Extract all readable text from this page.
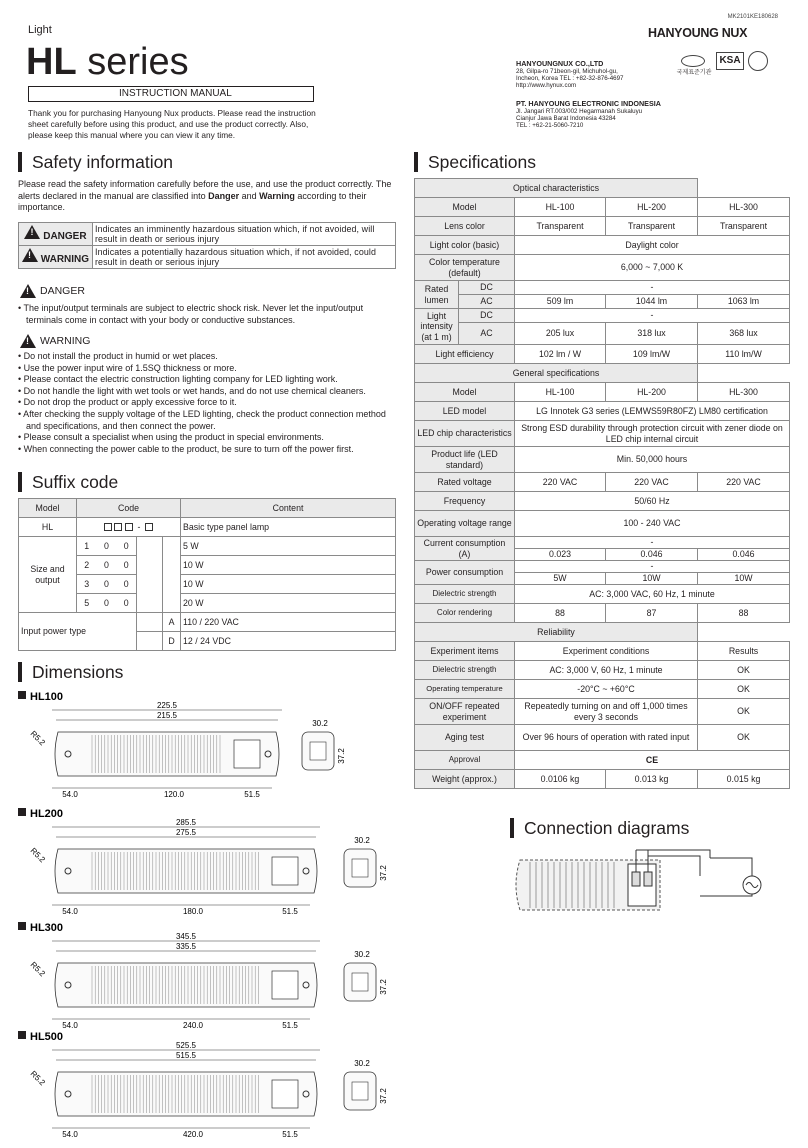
MK2101KE180628
HANYOUNG NUX
국제표준기관
KSA
Light
HL series
INSTRUCTION MANUAL
Thank you for purchasing Hanyoung Nux products. Please read the instruction sheet carefully before using this product, and use the product correctly. Also, please keep this manual where you can view it any time.
HANYOUNGNUX CO.,LTD
28, Gilpa-ro 71beon-gil, Michuhol-gu,
Incheon, Korea TEL : +82-32-876-4697
http://www.hynux.com
PT. HANYOUNG ELECTRONIC INDONESIA
Jl. Jangari RT.003/002 Hegarmanah Sukaluyu
Cianjur Jawa Barat Indonesia 43284
TEL : +62-21-5060-7210
Safety information
Please read the safety information carefully before the use, and use the product correctly. The alerts declared in the manual are classified into Danger and Warning according to their importance.
! DANGER	Indicates an imminently hazardous situation which, if not avoided, will result in death or serious injury
! WARNING	Indicates a potentially hazardous situation which, if not avoided, could result in death or serious injury
!
DANGER
• The input/output terminals are subject to electric shock risk. Never let the input/output terminals come in contact with your body or conductive substances.
!
WARNING
• Do not install the product in humid or wet places.
• Use the power input wire of 1.5SQ thickness or more.
• Please contact the electric construction lighting company for LED lighting work.
• Do not handle the light with wet tools or wet hands, and do not use chemical cleaners.
• Do not drop the product or apply excessive force to it.
• After checking the supply voltage of the LED lighting, check the product connection method and specifications, and then connect the power.
• Please consult a specialist when using the product in special environments.
• When connecting the power cable to the product, be sure to turn off the power first.
Suffix code
Model	Code					Content
HL	-					Basic type panel lamp
Size and output	1	0	0			5 W
	2	0	0			10 W
	3	0	0			10 W
	5	0	0			20 W
Input power type					A	110 / 220 VAC
					D	12 / 24 VDC
Dimensions
HL100
225.5
215.5
R5.2
54.0	120.0	51.5
30.2
37.2
HL200
285.5
275.5
R5.2
54.0	180.0	51.5
30.2
37.2
HL300
345.5
335.5
R5.2
54.0	240.0	51.5
30.2
37.2
HL500
525.5
515.5
R5.2
54.0	420.0	51.5
30.2
37.2
Specifications
Optical characteristics				
Model		HL-100	HL-200	HL-300
Lens color		Transparent	Transparent	Transparent
Light color (basic)		Daylight color		
Color temperature (default)		6,000 ~ 7,000 K		
Rated lumen	DC	-		
	AC	509 lm	1044 lm	1063 lm
Light intensity (at 1 m)	DC	-		
	AC	205 lux	318 lux	368 lux
Light efficiency		102 lm / W	109 lm/W	110 lm/W
General specifications				
Model		HL-100	HL-200	HL-300
LED model		LG Innotek G3 series (LEMWS59R80FZ) LM80 certification		
LED chip characteristics		Strong ESD durability through protection circuit with zener diode on LED chip internal circuit		
Product life (LED standard)		Min. 50,000 hours		
Rated voltage		220 VAC	220 VAC	220 VAC
Frequency		50/60 Hz		
Operating voltage range		100 - 240 VAC		
Current consumption (A)		-		
		0.023	0.046	0.046
Power consumption		-		
		5W	10W	10W
Dielectric strength		AC: 3,000 VAC, 60 Hz, 1 minute		
Color rendering		88	87	88
Reliability				
Experiment items		Experiment conditions		Results
Dielectric strength		AC: 3,000 V, 60 Hz, 1 minute		OK
Operating temperature		-20°C ~ +60°C		OK
ON/OFF repeated experiment		Repeatedly turning on and off 1,000 times every 3 seconds		OK
Aging test		Over 96 hours of operation with rated input		OK
Approval		CE		
Weight (approx.)		0.0106 kg	0.013 kg	0.015 kg
Connection diagrams
